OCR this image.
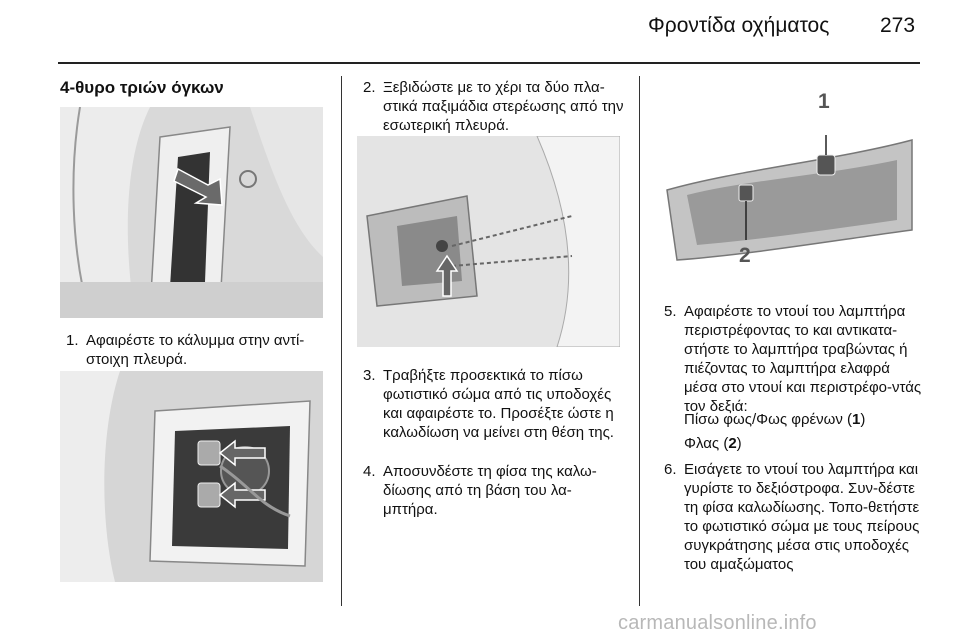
Φροντίδα οχήματος 273
4-θυρο τριών όγκων
1. Αφαιρέστε το κάλυμμα στην αντί-στοιχη πλευρά.
2. Ξεβιδώστε με το χέρι τα δύο πλα-στικά παξιμάδια στερέωσης από την εσωτερική πλευρά.
3. Τραβήξτε προσεκτικά το πίσω φωτιστικό σώμα από τις υποδοχές και αφαιρέστε το. Προσέξτε ώστε η καλωδίωση να μείνει στη θέση της.
4. Αποσυνδέστε τη φίσα της καλω-δίωσης από τη βάση του λα-μπτήρα.
1
2
5. Αφαιρέστε το ντουί του λαμπτήρα περιστρέφοντας το και αντικατα-στήστε το λαμπτήρα τραβώντας ή πιέζοντας το λαμπτήρα ελαφρά μέσα στο ντουί και περιστρέφο-ντάς τον δεξιά:
Πίσω φως/Φως φρένων (1)
Φλας (2)
6. Εισάγετε το ντουί του λαμπτήρα και γυρίστε το δεξιόστροφα. Συν-δέστε τη φίσα καλωδίωσης. Τοπο-θετήστε το φωτιστικό σώμα με τους πείρους συγκράτησης μέσα στις υποδοχές του αμαξώματος
carmanualsonline.info
